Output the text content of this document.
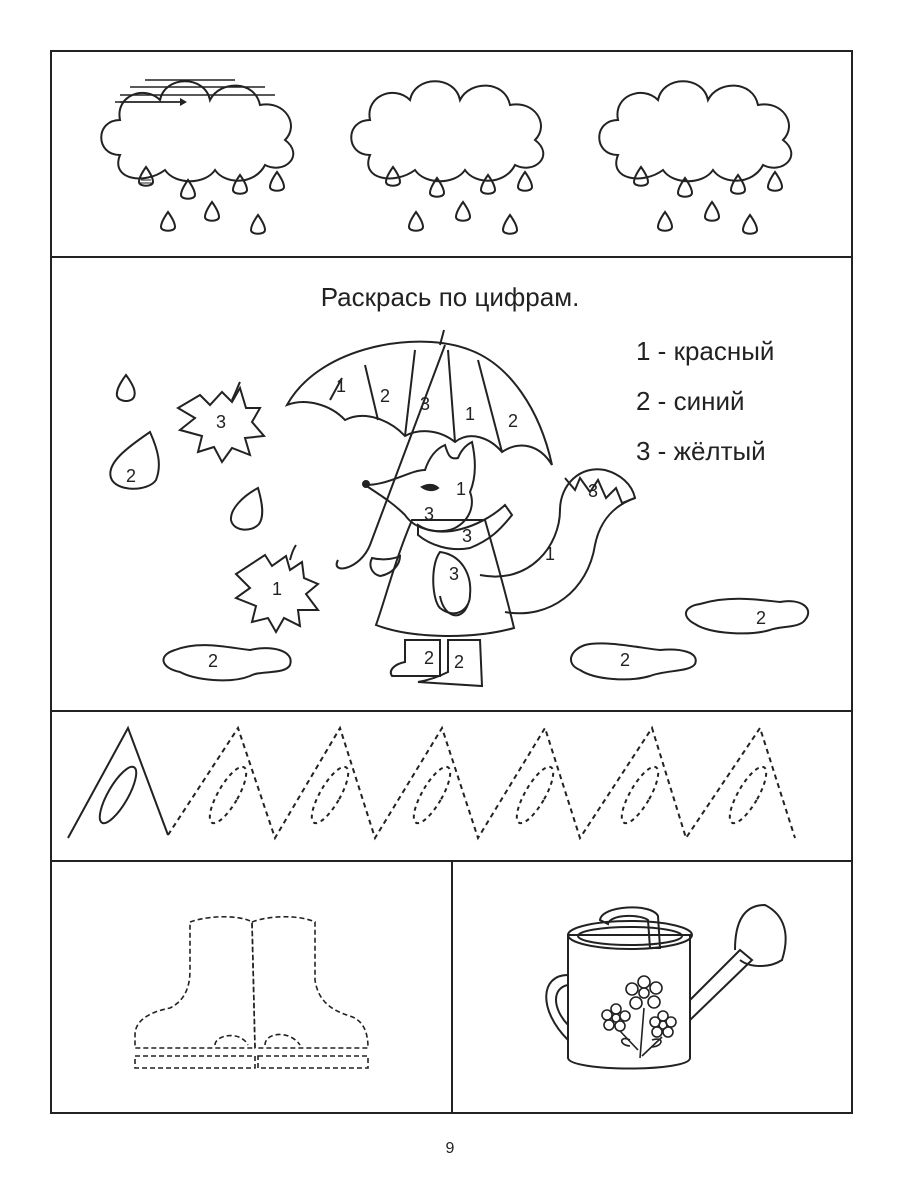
Раскрась по цифрам.
1 - красный
2 - синий
3 - жёлтый
2
3
1
1 2 3 1 2
3
1
3
1
3
3
2 2
2	2
2
9
